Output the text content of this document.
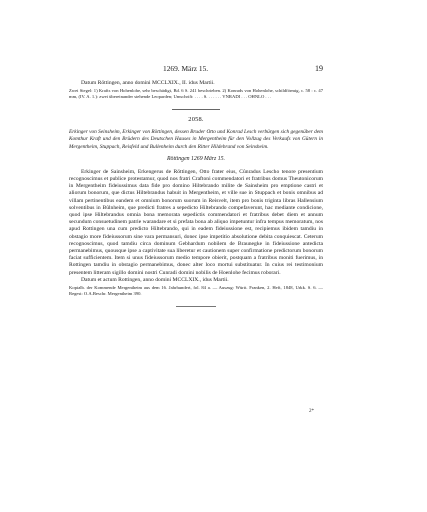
1269. März 15.	19

Datum Röttingen, anno domini MCCLXIX., II. idus Martii.

Zwei Siegel: 1) Krafts von Hohenlohe, sehr beschädigt, Bd. 6 S. 241 beschrieben. 2) Konrads von Hohenlohe, schildförmig, c. 58 : c. 47 mm, (IV. A. 1.): zwei übereinander stehende Leoparden; Umschrift: . . . . S. . . . . . . VNRADI . . . OHNLO . . .

2058.

Erkinger von Seinsheim, Erkinger von Röttingen, dessen Bruder Otto und Konrad Lesch verbürgen sich gegenüber dem Komthur Kraft und den Brüdern des Deutschen Hauses in Mergentheim für den Vollzug des Verkaufs von Gütern in Mergentheim, Stuppach, Reisfeld und Bullenheim durch den Ritter Hildebrand von Seinsheim.

Röttingen 1269 März 15.

Erkinger de Sainsheim, Erkengerus de Röttingen, Otto frater eius, Cûnradus Lescho tenore presentium recognoscimus et publice protestamur, quod nos fratri Craftoni commendatori et fratribus domus Theutonicorum in Mergentheim fideiussimus data fide pro domino Hiltebrando milite de Sainsheim pro emptione castri et aliorum bonorum, que dictus Hiltebrandus habuit in Mergentheim, et ville sue in Stuppach et bonis omnibus ad villam pertinentibus eandem et omnium bonorum suorum in Reisvelt, item pro bonis triginta libras Hallensium solventibus in Bûlnheim, que predicti fratres a sepedicto Hiltebrando compefaverunt, hac mediante condicione, quod ipse Hiltebrandus omnia bona memorata sepedictis commendatori et fratribus debet diem et annum secundum consuetudinem patrie warandare et si prefata bona ab aliquo impetuntur infra tempus memoratum, nos apud Rottingen una cum predicto Hiltebrando, qui in eadem fideiussione est, recipiemus ibidem tamdiu in obstagio more fideiussorum sine vara permansuri, donec ipse impetitio absolutione debita conquiescat. Ceterum recognoscimus, quod tamdiu circa dominum Gebhardum nobilem de Braunegke in fideiussione antedicta permanebimus, quousque ipse a captivitate sua liberetur et cautionem super confirmatione predictorum bonorum faciat sufficientem. Item si unus fideiussorum medio tempore obierit, postquam a fratribus moniti fuerimus, in Rottingen tamdiu in obstagio permanebimus, donec alter loco mortui substituatur. In cuius rei testimonium presentem litteram sigillo domini nostri Cunradi domini nobilis de Hoenlohe fecimus roborari.

Datum et actum Rottingen, anno domini MCCLXIX., idus Martii.

Kopialb. der Kommende Mergentheim aus dem 16. Jahrhundert, fol. 84 a. — Auszug: Württ. Franken, 2. Heft, 1848, Urkk. S. 6. — Regest: O.A.Beschr. Mergentheim 390.

2*
